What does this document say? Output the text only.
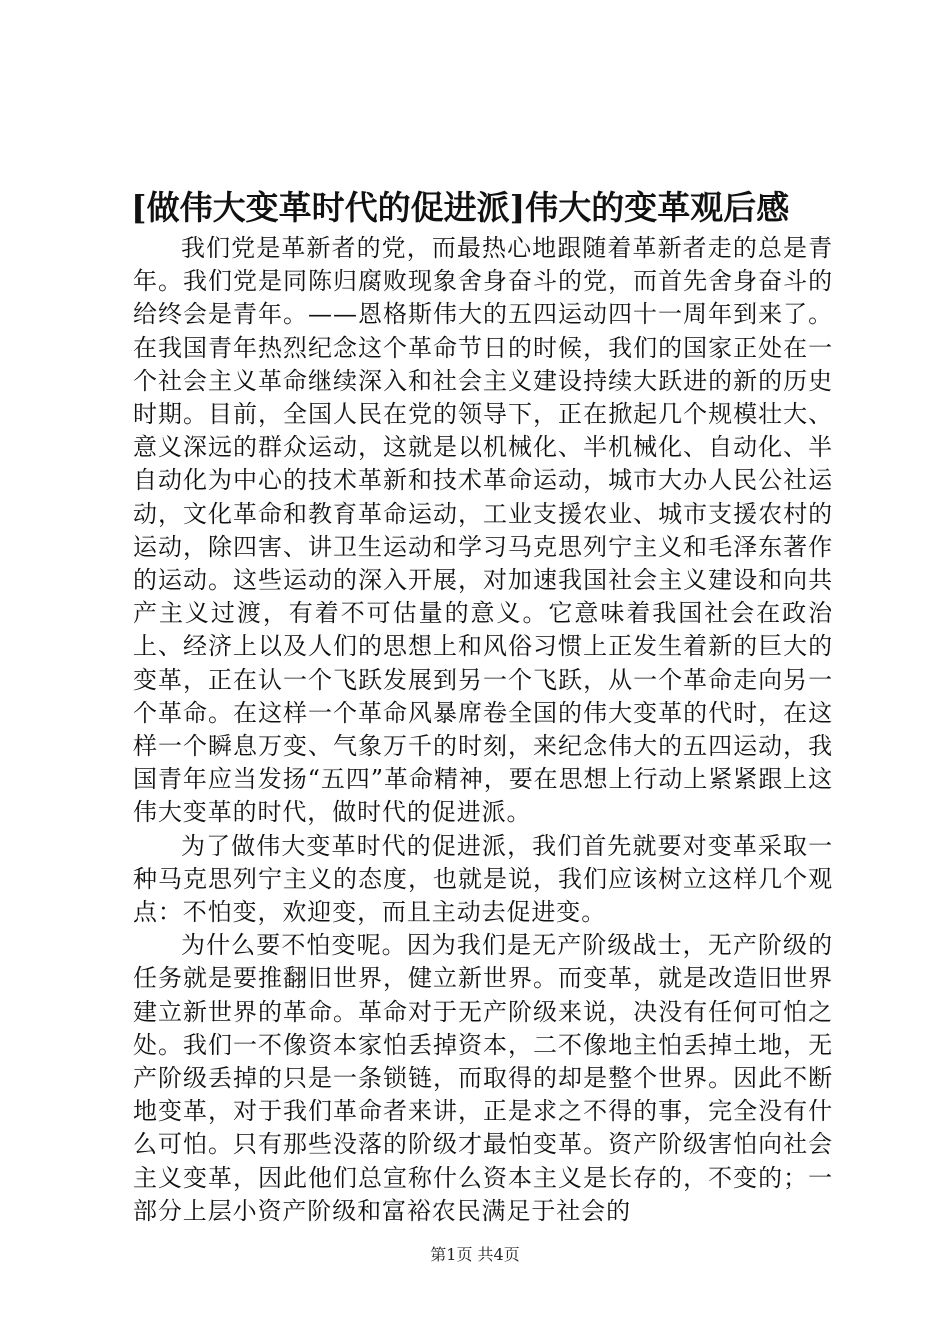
[做伟大变革时代的促进派]伟大的变革观后感

我们党是革新者的党，而最热心地跟随着革新者走的总是青年。我们党是同陈归腐败现象舍身奋斗的党，而首先舍身奋斗的给终会是青年。——恩格斯伟大的五四运动四十一周年到来了。在我国青年热烈纪念这个革命节日的时候，我们的国家正处在一个社会主义革命继续深入和社会主义建设持续大跃进的新的历史时期。目前，全国人民在党的领导下，正在掀起几个规模壮大、意义深远的群众运动，这就是以机械化、半机械化、自动化、半自动化为中心的技术革新和技术革命运动，城市大办人民公社运动，文化革命和教育革命运动，工业支援农业、城市支援农村的运动，除四害、讲卫生运动和学习马克思列宁主义和毛泽东著作的运动。这些运动的深入开展，对加速我国社会主义建设和向共产主义过渡，有着不可估量的意义。它意味着我国社会在政治上、经济上以及人们的思想上和风俗习惯上正发生着新的巨大的变革，正在认一个飞跃发展到另一个飞跃，从一个革命走向另一个革命。在这样一个革命风暴席卷全国的伟大变革的代时，在这样一个瞬息万变、气象万千的时刻，来纪念伟大的五四运动，我国青年应当发扬“五四”革命精神，要在思想上行动上紧紧跟上这伟大变革的时代，做时代的促进派。

为了做伟大变革时代的促进派，我们首先就要对变革采取一种马克思列宁主义的态度，也就是说，我们应该树立这样几个观点：不怕变，欢迎变，而且主动去促进变。

为什么要不怕变呢。因为我们是无产阶级战士，无产阶级的任务就是要推翻旧世界，健立新世界。而变革，就是改造旧世界建立新世界的革命。革命对于无产阶级来说，决没有任何可怕之处。我们一不像资本家怕丢掉资本，二不像地主怕丢掉土地，无产阶级丢掉的只是一条锁链，而取得的却是整个世界。因此不断地变革，对于我们革命者来讲，正是求之不得的事，完全没有什么可怕。只有那些没落的阶级才最怕变革。资产阶级害怕向社会主义变革，因此他们总宣称什么资本主义是长存的，不变的；一部分上层小资产阶级和富裕农民满足于社会的

第1页 共4页
